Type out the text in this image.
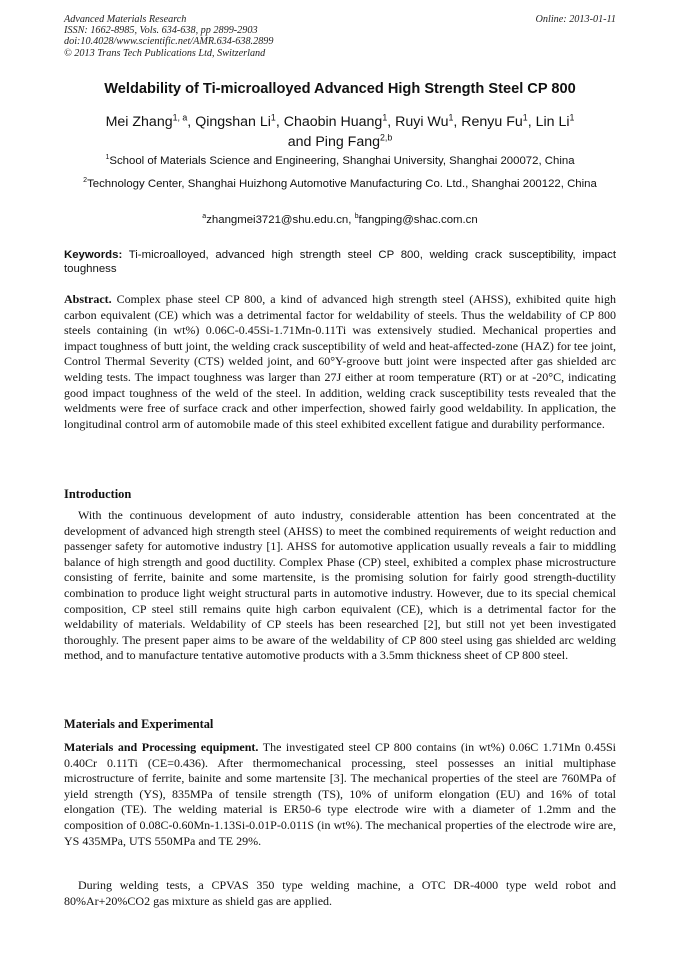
Advanced Materials Research
ISSN: 1662-8985, Vols. 634-638, pp 2899-2903
doi:10.4028/www.scientific.net/AMR.634-638.2899
© 2013 Trans Tech Publications Ltd, Switzerland
Online: 2013-01-11
Weldability of Ti-microalloyed Advanced High Strength Steel CP 800
Mei Zhang$^{1, a}$, Qingshan Li$^1$, Chaobin Huang$^1$, Ruyi Wu$^1$, Renyu Fu$^1$, Lin Li$^1$
and Ping Fang$^{2,b}$
$^1$School of Materials Science and Engineering, Shanghai University, Shanghai 200072, China
$^2$Technology Center, Shanghai Huizhong Automotive Manufacturing Co. Ltd., Shanghai 200122, China
$^a$zhangmei3721@shu.edu.cn, $^b$fangping@shac.com.cn
Keywords: Ti-microalloyed, advanced high strength steel CP 800, welding crack susceptibility, impact toughness
Abstract. Complex phase steel CP 800, a kind of advanced high strength steel (AHSS), exhibited quite high carbon equivalent (CE) which was a detrimental factor for weldability of steels. Thus the weldability of CP 800 steels containing (in wt%) 0.06C-0.45Si-1.71Mn-0.11Ti was extensively studied. Mechanical properties and impact toughness of butt joint, the welding crack susceptibility of weld and heat-affected-zone (HAZ) for tee joint, Control Thermal Severity (CTS) welded joint, and 60°Y-groove butt joint were inspected after gas shielded arc welding tests. The impact toughness was larger than 27J either at room temperature (RT) or at -20°C, indicating good impact toughness of the weld of the steel. In addition, welding crack susceptibility tests revealed that the weldments were free of surface crack and other imperfection, showed fairly good weldability. In application, the longitudinal control arm of automobile made of this steel exhibited excellent fatigue and durability performance.
Introduction
With the continuous development of auto industry, considerable attention has been concentrated at the development of advanced high strength steel (AHSS) to meet the combined requirements of weight reduction and passenger safety for automotive industry [1]. AHSS for automotive application usually reveals a fair to middling balance of high strength and good ductility. Complex Phase (CP) steel, exhibited a complex phase microstructure consisting of ferrite, bainite and some martensite, is the promising solution for fairly good strength-ductility combination to produce light weight structural parts in automotive industry. However, due to its special chemical composition, CP steel still remains quite high carbon equivalent (CE), which is a detrimental factor for the weldability of materials. Weldability of CP steels has been researched [2], but still not yet been investigated thoroughly. The present paper aims to be aware of the weldability of CP 800 steel using gas shielded arc welding method, and to manufacture tentative automotive products with a 3.5mm thickness sheet of CP 800 steel.
Materials and Experimental
Materials and Processing equipment. The investigated steel CP 800 contains (in wt%) 0.06C 1.71Mn 0.45Si 0.40Cr 0.11Ti (CE=0.436). After thermomechanical processing, steel possesses an initial multiphase microstructure of ferrite, bainite and some martensite [3]. The mechanical properties of the steel are 760MPa of yield strength (YS), 835MPa of tensile strength (TS), 10% of uniform elongation (EU) and 16% of total elongation (TE). The welding material is ER50-6 type electrode wire with a diameter of 1.2mm and the composition of 0.08C-0.60Mn-1.13Si-0.01P-0.011S (in wt%). The mechanical properties of the electrode wire are, YS 435MPa, UTS 550MPa and TE 29%.
During welding tests, a CPVAS 350 type welding machine, a OTC DR-4000 type weld robot and 80%Ar+20%CO2 gas mixture as shield gas are applied.
